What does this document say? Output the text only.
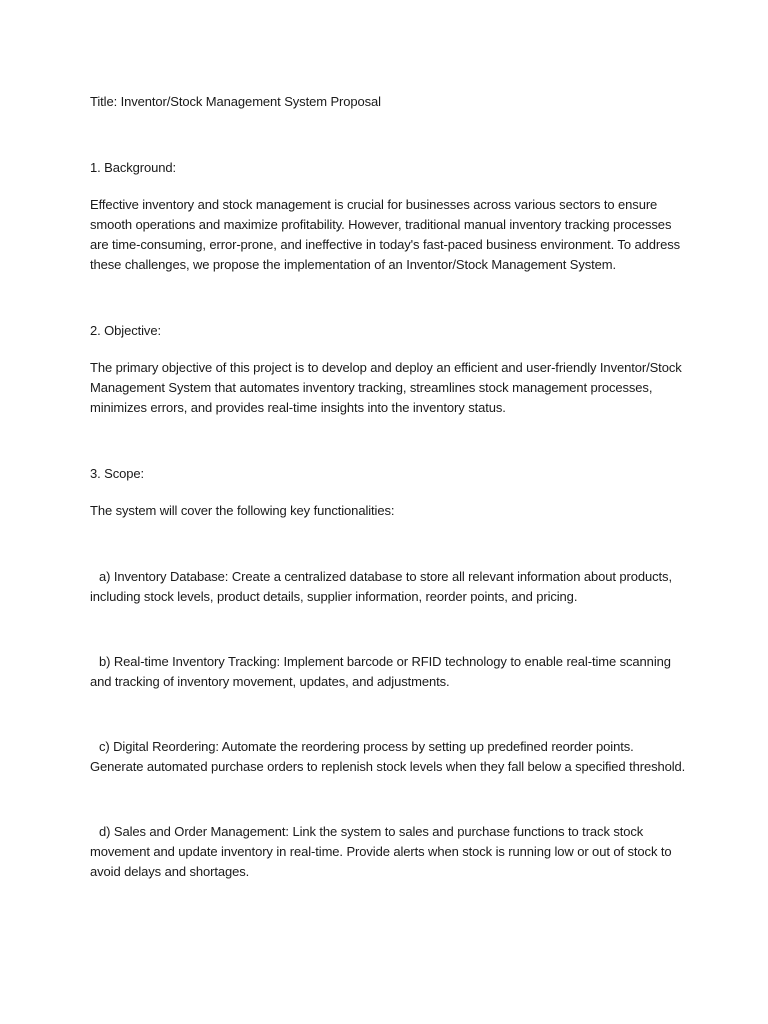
Title: Inventor/Stock Management System Proposal

1. Background:

Effective inventory and stock management is crucial for businesses across various sectors to ensure smooth operations and maximize profitability. However, traditional manual inventory tracking processes are time-consuming, error-prone, and ineffective in today's fast-paced business environment. To address these challenges, we propose the implementation of an Inventor/Stock Management System.

2. Objective:

The primary objective of this project is to develop and deploy an efficient and user-friendly Inventor/Stock Management System that automates inventory tracking, streamlines stock management processes, minimizes errors, and provides real-time insights into the inventory status.

3. Scope:

The system will cover the following key functionalities:

a) Inventory Database: Create a centralized database to store all relevant information about products, including stock levels, product details, supplier information, reorder points, and pricing.

b) Real-time Inventory Tracking: Implement barcode or RFID technology to enable real-time scanning and tracking of inventory movement, updates, and adjustments.

c) Digital Reordering: Automate the reordering process by setting up predefined reorder points. Generate automated purchase orders to replenish stock levels when they fall below a specified threshold.

d) Sales and Order Management: Link the system to sales and purchase functions to track stock movement and update inventory in real-time. Provide alerts when stock is running low or out of stock to avoid delays and shortages.
